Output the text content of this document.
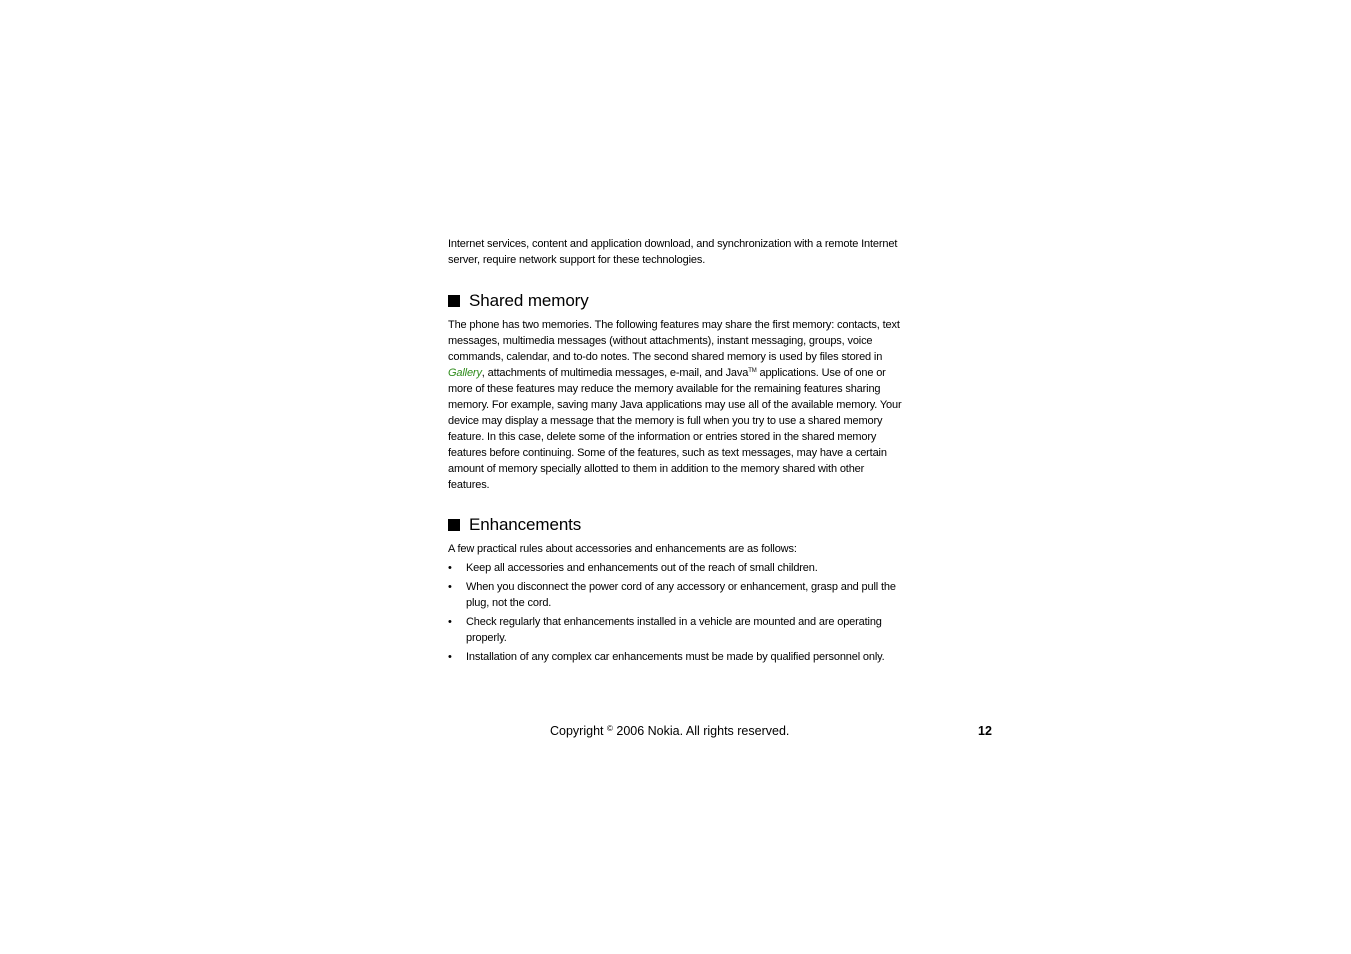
Internet services, content and application download, and synchronization with a remote Internet server, require network support for these technologies.

Shared memory

The phone has two memories. The following features may share the first memory: contacts, text messages, multimedia messages (without attachments), instant messaging, groups, voice commands, calendar, and to-do notes. The second shared memory is used by files stored in Gallery, attachments of multimedia messages, e-mail, and Java™ applications. Use of one or more of these features may reduce the memory available for the remaining features sharing memory. For example, saving many Java applications may use all of the available memory. Your device may display a message that the memory is full when you try to use a shared memory feature. In this case, delete some of the information or entries stored in the shared memory features before continuing. Some of the features, such as text messages, may have a certain amount of memory specially allotted to them in addition to the memory shared with other features.

Enhancements

A few practical rules about accessories and enhancements are as follows:

• Keep all accessories and enhancements out of the reach of small children.
• When you disconnect the power cord of any accessory or enhancement, grasp and pull the plug, not the cord.
• Check regularly that enhancements installed in a vehicle are mounted and are operating properly.
• Installation of any complex car enhancements must be made by qualified personnel only.
Copyright © 2006 Nokia. All rights reserved.	12
